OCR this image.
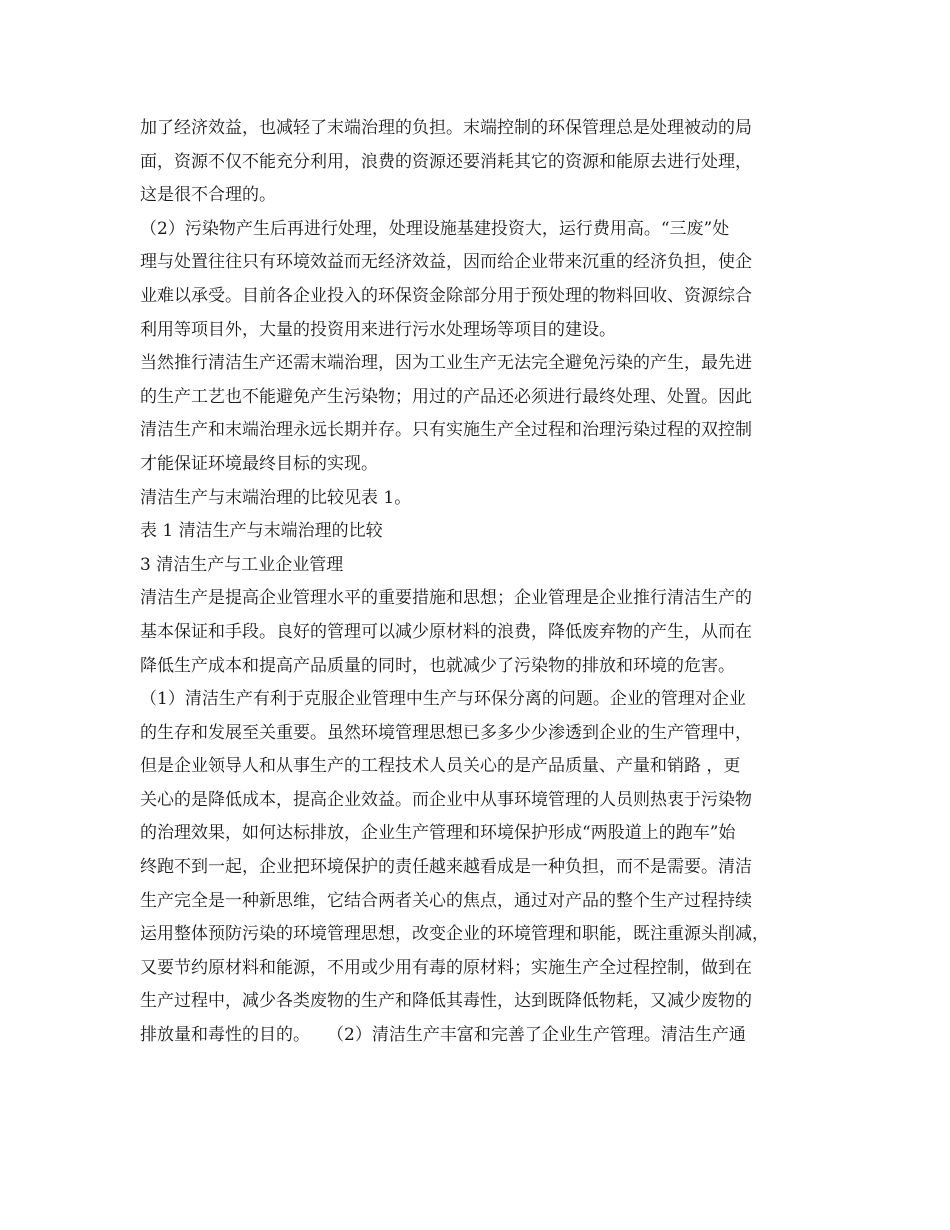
加了经济效益，也减轻了末端治理的负担。末端控制的环保管理总是处理被动的局
面，资源不仅不能充分利用，浪费的资源还要消耗其它的资源和能原去进行处理，
这是很不合理的。
（2）污染物产生后再进行处理，处理设施基建投资大，运行费用高。“三废”处
理与处置往往只有环境效益而无经济效益，因而给企业带来沉重的经济负担，使企
业难以承受。目前各企业投入的环保资金除部分用于预处理的物料回收、资源综合
利用等项目外，大量的投资用来进行污水处理场等项目的建设。
当然推行清洁生产还需末端治理，因为工业生产无法完全避免污染的产生，最先进
的生产工艺也不能避免产生污染物；用过的产品还必须进行最终处理、处置。因此
清洁生产和末端治理永远长期并存。只有实施生产全过程和治理污染过程的双控制
才能保证环境最终目标的实现。
清洁生产与末端治理的比较见表 1。
表 1 清洁生产与末端治理的比较
3 清洁生产与工业企业管理
清洁生产是提高企业管理水平的重要措施和思想；企业管理是企业推行清洁生产的
基本保证和手段。良好的管理可以减少原材料的浪费，降低废弃物的产生，从而在
降低生产成本和提高产品质量的同时，也就减少了污染物的排放和环境的危害。
（1）清洁生产有利于克服企业管理中生产与环保分离的问题。企业的管理对企业
的生存和发展至关重要。虽然环境管理思想已多多少少渗透到企业的生产管理中，
但是企业领导人和从事生产的工程技术人员关心的是产品质量、产量和销路 ，更
关心的是降低成本，提高企业效益。而企业中从事环境管理的人员则热衷于污染物
的治理效果，如何达标排放，企业生产管理和环境保护形成“两股道上的跑车”始
终跑不到一起，企业把环境保护的责任越来越看成是一种负担，而不是需要。清洁
生产完全是一种新思维，它结合两者关心的焦点，通过对产品的整个生产过程持续
运用整体预防污染的环境管理思想，改变企业的环境管理和职能，既注重源头削减，
又要节约原材料和能源，不用或少用有毒的原材料；实施生产全过程控制，做到在
生产过程中，减少各类废物的生产和降低其毒性，达到既降低物耗，又减少废物的
排放量和毒性的目的。　　（2）清洁生产丰富和完善了企业生产管理。清洁生产通
